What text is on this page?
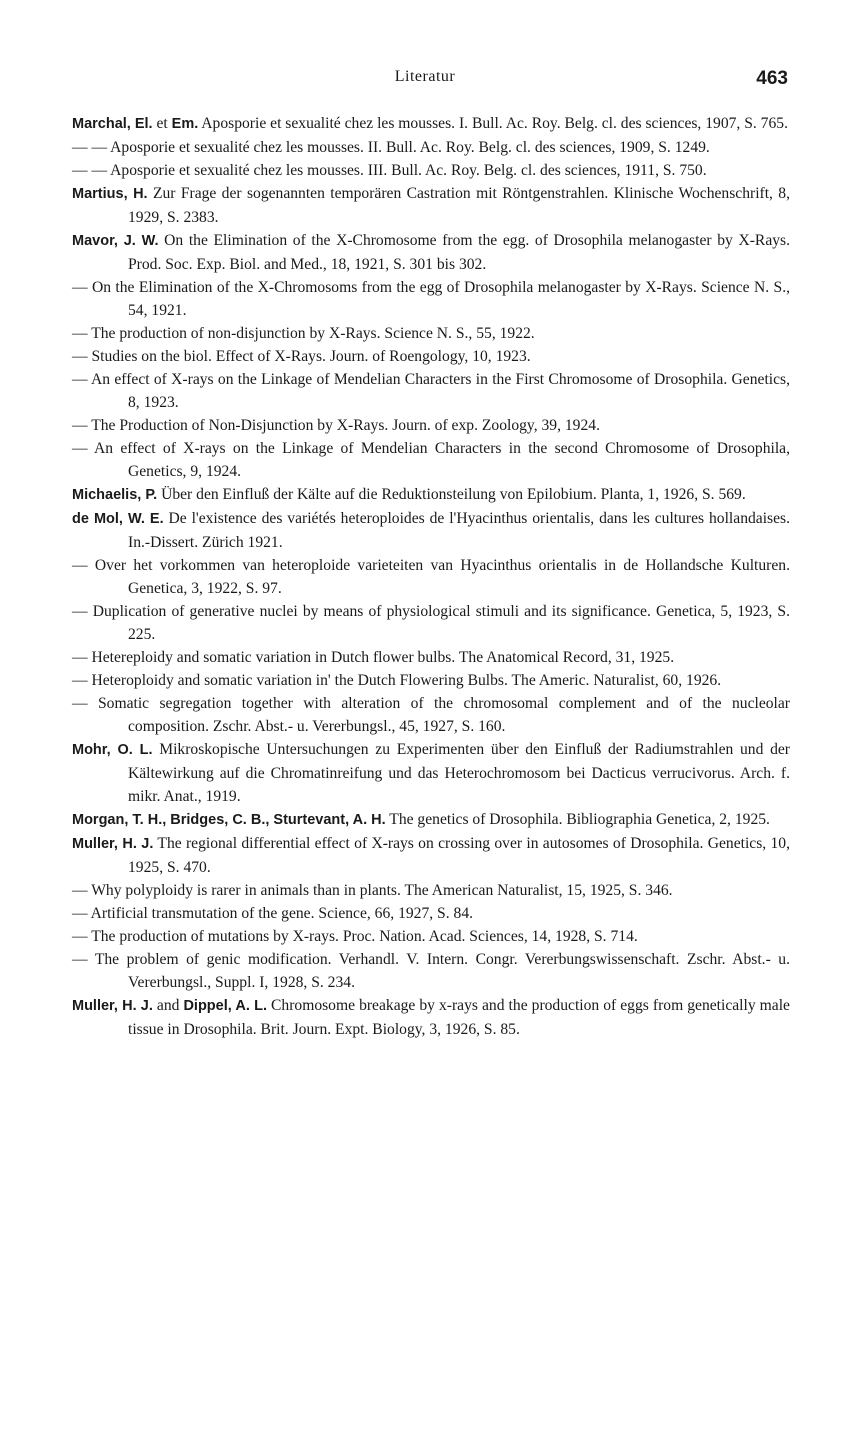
Literatur	463

Marchal, El. et Em. Aposporie et sexualité chez les mousses. I. Bull. Ac. Roy. Belg. cl. des sciences, 1907, S. 765.

— — Aposporie et sexualité chez les mousses. II. Bull. Ac. Roy. Belg. cl. des sciences, 1909, S. 1249.

— — Aposporie et sexualité chez les mousses. III. Bull. Ac. Roy. Belg. cl. des sciences, 1911, S. 750.

Martius, H. Zur Frage der sogenannten temporären Castration mit Röntgenstrahlen. Klinische Wochenschrift, 8, 1929, S. 2383.

Mavor, J. W. On the Elimination of the X-Chromosome from the egg. of Drosophila melanogaster by X-Rays. Prod. Soc. Exp. Biol. and Med., 18, 1921, S. 301 bis 302.

— On the Elimination of the X-Chromosoms from the egg of Drosophila melanogaster by X-Rays. Science N. S., 54, 1921.

— The production of non-disjunction by X-Rays. Science N. S., 55, 1922.

— Studies on the biol. Effect of X-Rays. Journ. of Roengology, 10, 1923.

— An effect of X-rays on the Linkage of Mendelian Characters in the First Chromosome of Drosophila. Genetics, 8, 1923.

— The Production of Non-Disjunction by X-Rays. Journ. of exp. Zoology, 39, 1924.

— An effect of X-rays on the Linkage of Mendelian Characters in the second Chromosome of Drosophila, Genetics, 9, 1924.

Michaelis, P. Über den Einfluß der Kälte auf die Reduktionsteilung von Epilobium. Planta, 1, 1926, S. 569.

de Mol, W. E. De l'existence des variétés heteroploides de l'Hyacinthus orientalis, dans les cultures hollandaises. In.-Dissert. Zürich 1921.

— Over het vorkommen van heteroploide varieteiten van Hyacinthus orientalis in de Hollandsche Kulturen. Genetica, 3, 1922, S. 97.

— Duplication of generative nuclei by means of physiological stimuli and its significance. Genetica, 5, 1923, S. 225.

— Hetereploidy and somatic variation in Dutch flower bulbs. The Anatomical Record, 31, 1925.

— Heteroploidy and somatic variation in' the Dutch Flowering Bulbs. The Americ. Naturalist, 60, 1926.

— Somatic segregation together with alteration of the chromosomal complement and of the nucleolar composition. Zschr. Abst.- u. Vererbungsl., 45, 1927, S. 160.

Mohr, O. L. Mikroskopische Untersuchungen zu Experimenten über den Einfluß der Radiumstrahlen und der Kältewirkung auf die Chromatinreifung und das Heterochromosom bei Dacticus verrucivorus. Arch. f. mikr. Anat., 1919.

Morgan, T. H., Bridges, C. B., Sturtevant, A. H. The genetics of Drosophila. Bibliographia Genetica, 2, 1925.

Muller, H. J. The regional differential effect of X-rays on crossing over in autosomes of Drosophila. Genetics, 10, 1925, S. 470.

— Why polyploidy is rarer in animals than in plants. The American Naturalist, 15, 1925, S. 346.

— Artificial transmutation of the gene. Science, 66, 1927, S. 84.

— The production of mutations by X-rays. Proc. Nation. Acad. Sciences, 14, 1928, S. 714.

— The problem of genic modification. Verhandl. V. Intern. Congr. Vererbungswissenschaft. Zschr. Abst.- u. Vererbungsl., Suppl. I, 1928, S. 234.

Muller, H. J. and Dippel, A. L. Chromosome breakage by x-rays and the production of eggs from genetically male tissue in Drosophila. Brit. Journ. Expt. Biology, 3, 1926, S. 85.
